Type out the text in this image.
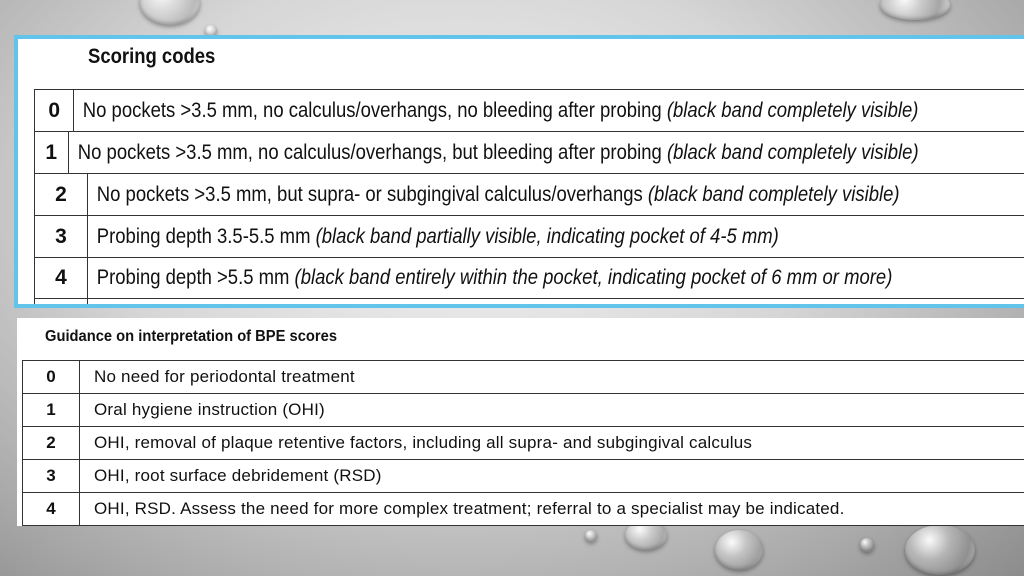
Scoring codes
0	No pockets >3.5 mm, no calculus/overhangs, no bleeding after probing (black band completely visible)
1 No pockets >3.5 mm, no calculus/overhangs, but bleeding after probing (black band completely visible)
2	No pockets >3.5 mm, but supra- or subgingival calculus/overhangs (black band completely visible)
3	Probing depth 3.5-5.5 mm (black band partially visible, indicating pocket of 4-5 mm)
4	Probing depth >5.5 mm (black band entirely within the pocket, indicating pocket of 6 mm or more)
Guidance on interpretation of BPE scores
0	No need for periodontal treatment
1	Oral hygiene instruction (OHI)
2	OHI, removal of plaque retentive factors, including all supra- and subgingival calculus
3	OHI, root surface debridement (RSD)
4	OHI, RSD. Assess the need for more complex treatment; referral to a specialist may be indicated.
